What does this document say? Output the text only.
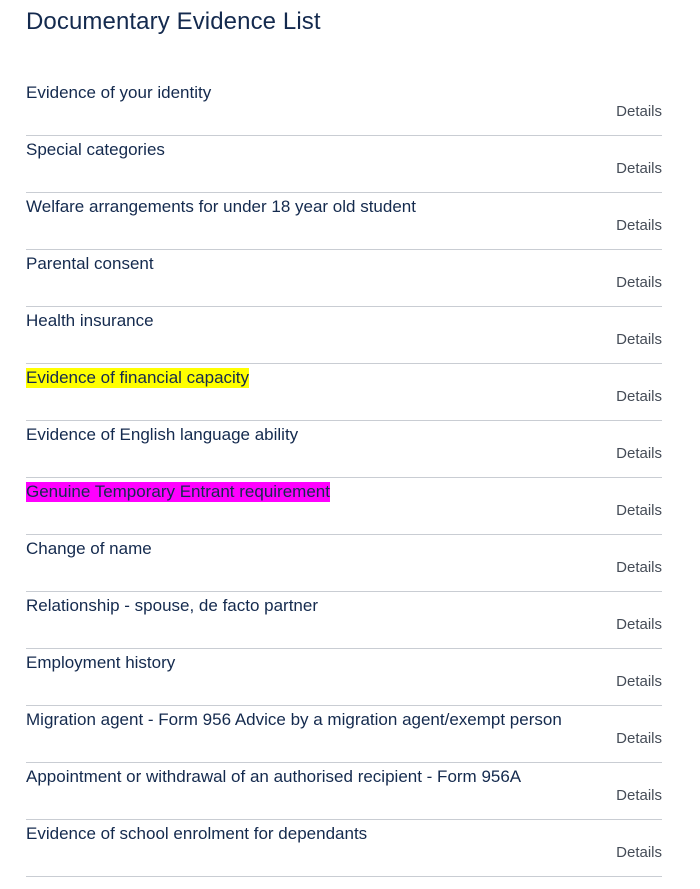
Documentary Evidence List
Evidence of your identity
Details
Special categories
Details
Welfare arrangements for under 18 year old student
Details
Parental consent
Details
Health insurance
Details
Evidence of financial capacity
Details
Evidence of English language ability
Details
Genuine Temporary Entrant requirement
Details
Change of name
Details
Relationship - spouse, de facto partner
Details
Employment history
Details
Migration agent - Form 956 Advice by a migration agent/exempt person
Details
Appointment or withdrawal of an authorised recipient - Form 956A
Details
Evidence of school enrolment for dependants
Details
